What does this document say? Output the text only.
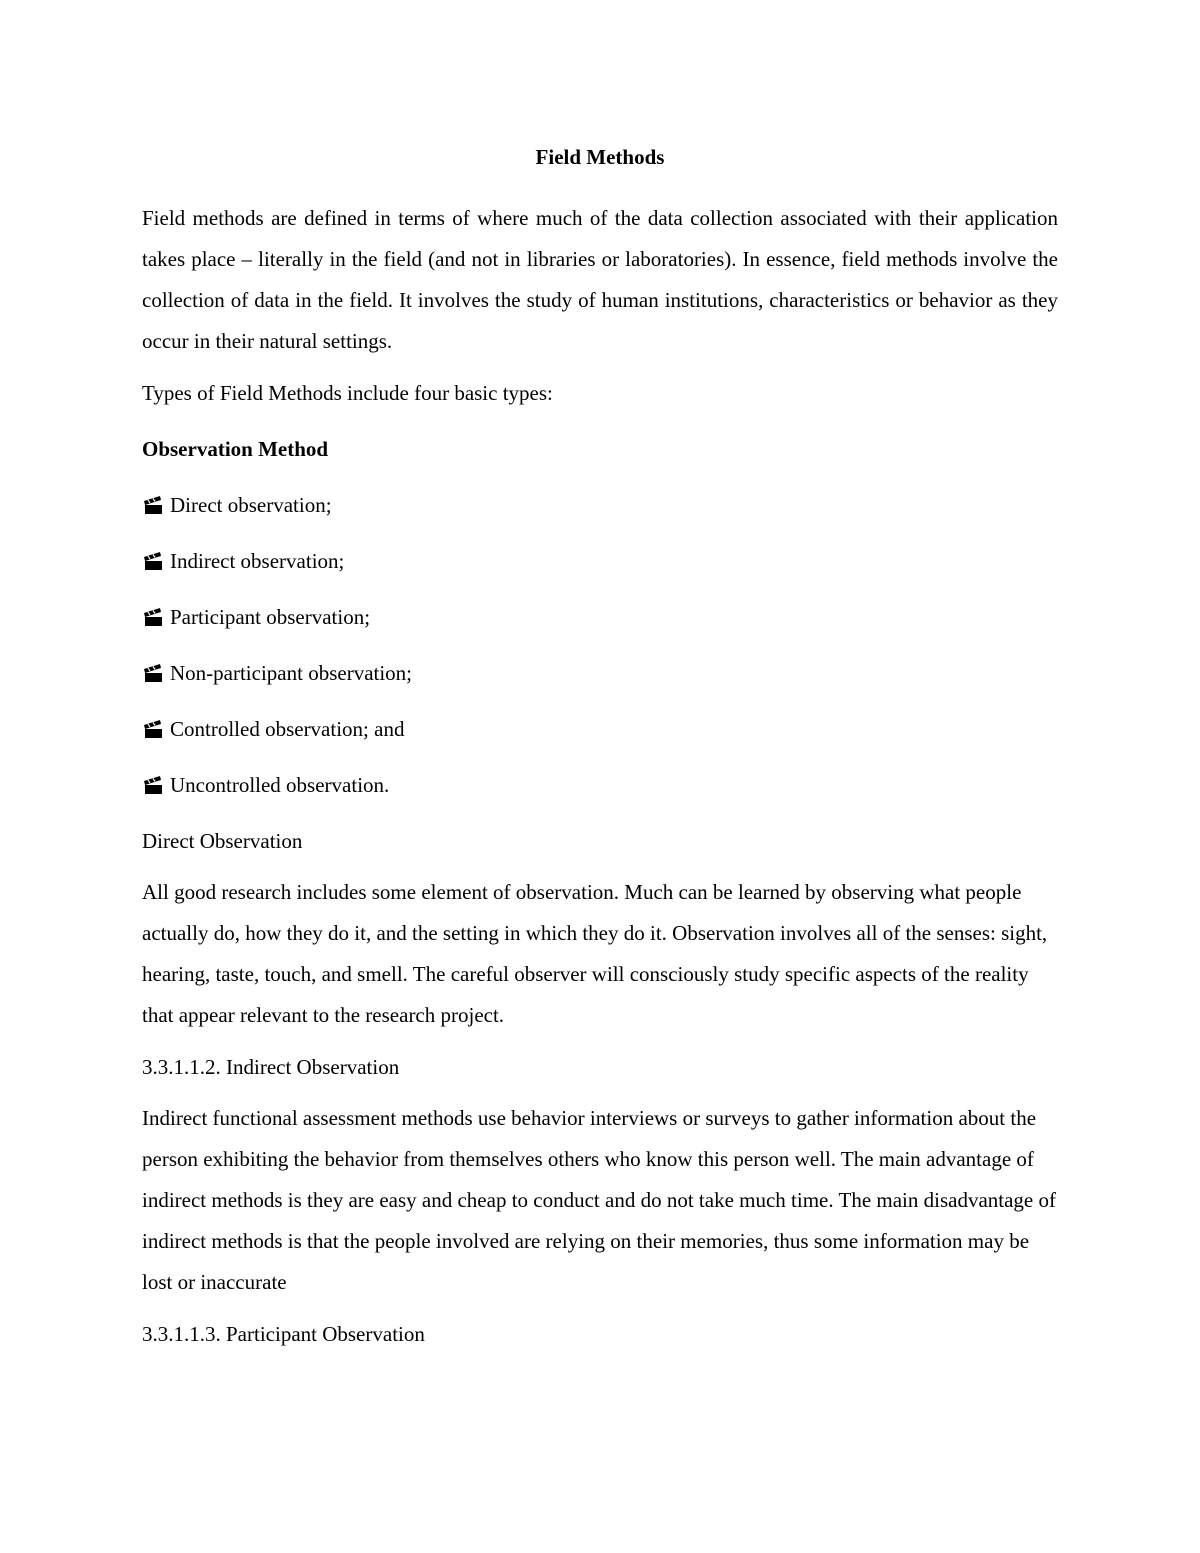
Field Methods

Field methods are defined in terms of where much of the data collection associated with their application takes place – literally in the field (and not in libraries or laboratories). In essence, field methods involve the collection of data in the field. It involves the study of human institutions, characteristics or behavior as they occur in their natural settings.

Types of Field Methods include four basic types:

Observation Method

Direct observation;
Indirect observation;
Participant observation;
Non-participant observation;
Controlled observation; and
Uncontrolled observation.

Direct Observation

All good research includes some element of observation. Much can be learned by observing what people actually do, how they do it, and the setting in which they do it. Observation involves all of the senses: sight, hearing, taste, touch, and smell. The careful observer will consciously study specific aspects of the reality that appear relevant to the research project.

3.3.1.1.2. Indirect Observation

Indirect functional assessment methods use behavior interviews or surveys to gather information about the person exhibiting the behavior from themselves others who know this person well. The main advantage of indirect methods is they are easy and cheap to conduct and do not take much time. The main disadvantage of indirect methods is that the people involved are relying on their memories, thus some information may be lost or inaccurate

3.3.1.1.3. Participant Observation
